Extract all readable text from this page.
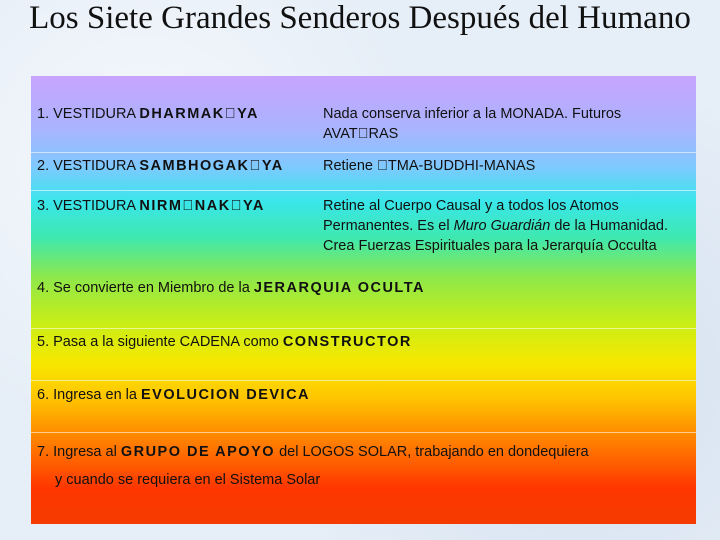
Los Siete Grandes Senderos Después del Humano
1. VESTIDURA DHARMAK YA	Nada conserva inferior a la MONADA. Futuros AVAT RAS
2. VESTIDURA SAMBHOGAK YA	Retiene  TMA-BUDDHI-MANAS
3. VESTIDURA NIRM NAK YA	Retine al Cuerpo Causal y a todos los Atomos Permanentes. Es el Muro Guardián de la Humanidad. Crea Fuerzas Espirituales para la Jerarquía Occulta
4. Se convierte en Miembro de la JERARQUIA OCULTA
5. Pasa a la siguiente CADENA como CONSTRUCTOR
6. Ingresa en la EVOLUCION DEVICA
7. Ingresa al GRUPO DE APOYO del LOGOS SOLAR, trabajando en dondequiera
y cuando se requiera en el Sistema Solar
